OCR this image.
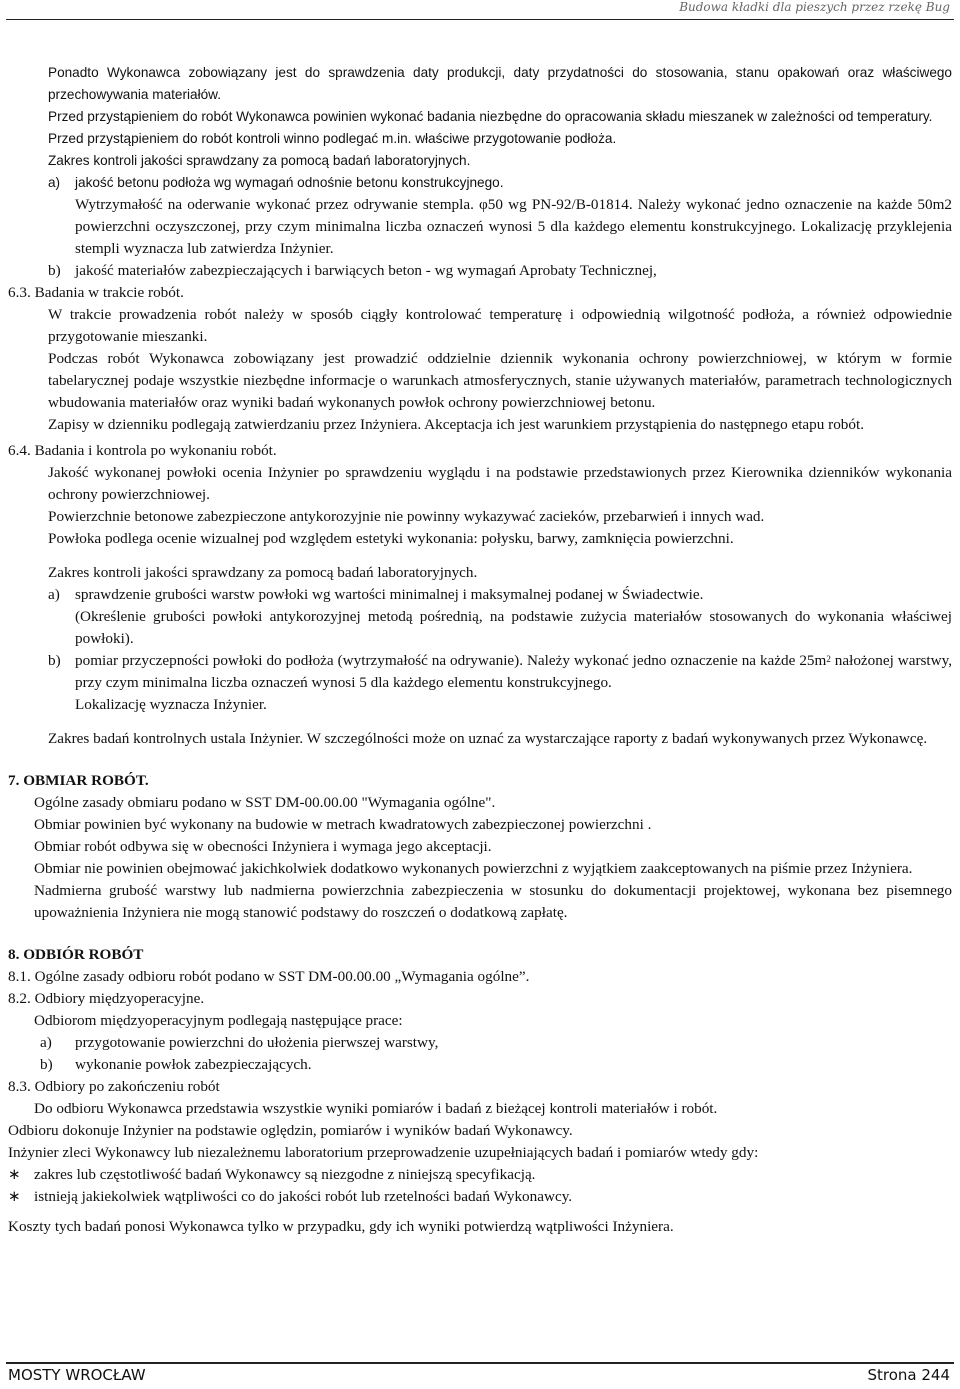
Budowa kładki dla pieszych przez rzekę Bug

Ponadto Wykonawca zobowiązany jest do sprawdzenia daty produkcji, daty przydatności do stosowania, stanu opakowań oraz właściwego przechowywania materiałów.

Przed przystąpieniem do robót Wykonawca powinien wykonać badania niezbędne do opracowania składu mieszanek w zależności od temperatury.

Przed przystąpieniem do robót kontroli winno podlegać m.in. właściwe przygotowanie podłoża.

Zakres kontroli jakości sprawdzany za pomocą badań laboratoryjnych.

a)	jakość betonu podłoża wg wymagań odnośnie betonu konstrukcyjnego.

Wytrzymałość na oderwanie wykonać przez odrywanie stempla. φ50 wg PN-92/B-01814. Należy wykonać jedno oznaczenie na każde 50m2 powierzchni oczyszczonej, przy czym minimalna liczba oznaczeń wynosi 5 dla każdego elementu konstrukcyjnego. Lokalizację przyklejenia stempli wyznacza lub zatwierdza Inżynier.

b) jakość materiałów zabezpieczających i barwiących beton - wg wymagań Aprobaty Technicznej,

6.3. Badania w trakcie robót.

W trakcie prowadzenia robót należy w sposób ciągły kontrolować temperaturę i odpowiednią wilgotność podłoża, a również odpowiednie przygotowanie mieszanki.

Podczas robót Wykonawca zobowiązany jest prowadzić oddzielnie dziennik wykonania ochrony powierzchniowej, w którym w formie tabelarycznej podaje wszystkie niezbędne informacje o warunkach atmosferycznych, stanie używanych materiałów, parametrach technologicznych wbudowania materiałów oraz wyniki badań wykonanych powłok ochrony powierzchniowej betonu.

Zapisy w dzienniku podlegają zatwierdzaniu przez Inżyniera. Akceptacja ich jest warunkiem przystąpienia do następnego etapu robót.

6.4. Badania i kontrola po wykonaniu robót.

Jakość wykonanej powłoki ocenia Inżynier po sprawdzeniu wyglądu i na podstawie przedstawionych przez Kierownika dzienników wykonania ochrony powierzchniowej.

Powierzchnie betonowe zabezpieczone antykorozyjnie nie powinny wykazywać zacieków, przebarwień i innych wad.

Powłoka podlega ocenie wizualnej pod względem estetyki wykonania: połysku, barwy, zamknięcia powierzchni.

Zakres kontroli jakości sprawdzany za pomocą badań laboratoryjnych.

a) sprawdzenie grubości warstw powłoki wg wartości minimalnej i maksymalnej podanej w Świadectwie.

(Określenie grubości powłoki antykorozyjnej metodą pośrednią, na podstawie zużycia materiałów stosowanych do wykonania właściwej powłoki).

b) pomiar przyczepności powłoki do podłoża (wytrzymałość na odrywanie). Należy wykonać jedno oznaczenie na każde $25m^2$ nałożonej warstwy, przy czym minimalna liczba oznaczeń wynosi 5 dla każdego elementu konstrukcyjnego.

Lokalizację wyznacza Inżynier.

Zakres badań kontrolnych ustala Inżynier. W szczególności może on uznać za wystarczające raporty z badań wykonywanych przez Wykonawcę.

7. OBMIAR ROBÓT.

Ogólne zasady obmiaru podano w SST DM-00.00.00 "Wymagania ogólne".

Obmiar powinien być wykonany na budowie w metrach kwadratowych zabezpieczonej powierzchni .

Obmiar robót odbywa się w obecności Inżyniera i wymaga jego akceptacji.

Obmiar nie powinien obejmować jakichkolwiek dodatkowo wykonanych powierzchni z wyjątkiem zaakceptowanych na piśmie przez Inżyniera.

Nadmierna grubość warstwy lub nadmierna powierzchnia zabezpieczenia w stosunku do dokumentacji projektowej, wykonana bez pisemnego upoważnienia Inżyniera nie mogą stanowić podstawy do roszczeń o dodatkową zapłatę.

8. ODBIÓR ROBÓT

8.1. Ogólne zasady odbioru robót podano w SST DM-00.00.00 „Wymagania ogólne”.

8.2. Odbiory międzyoperacyjne.

Odbiorom międzyoperacyjnym podlegają następujące prace:

a)	przygotowanie powierzchni do ułożenia pierwszej warstwy,
b)	wykonanie powłok zabezpieczających.

8.3. Odbiory po zakończeniu robót

Do odbioru Wykonawca przedstawia wszystkie wyniki pomiarów i badań z bieżącej kontroli materiałów i robót.

Odbioru dokonuje Inżynier na podstawie oględzin, pomiarów i wyników badań Wykonawcy.

Inżynier zleci Wykonawcy lub niezależnemu laboratorium przeprowadzenie uzupełniających badań i pomiarów wtedy gdy:

∗ zakres lub częstotliwość badań Wykonawcy są niezgodne z niniejszą specyfikacją.
∗ istnieją jakiekolwiek wątpliwości co do jakości robót lub rzetelności badań Wykonawcy.

Koszty tych badań ponosi Wykonawca tylko w przypadku, gdy ich wyniki potwierdzą wątpliwości Inżyniera.

MOSTY WROCŁAW	Strona 244
